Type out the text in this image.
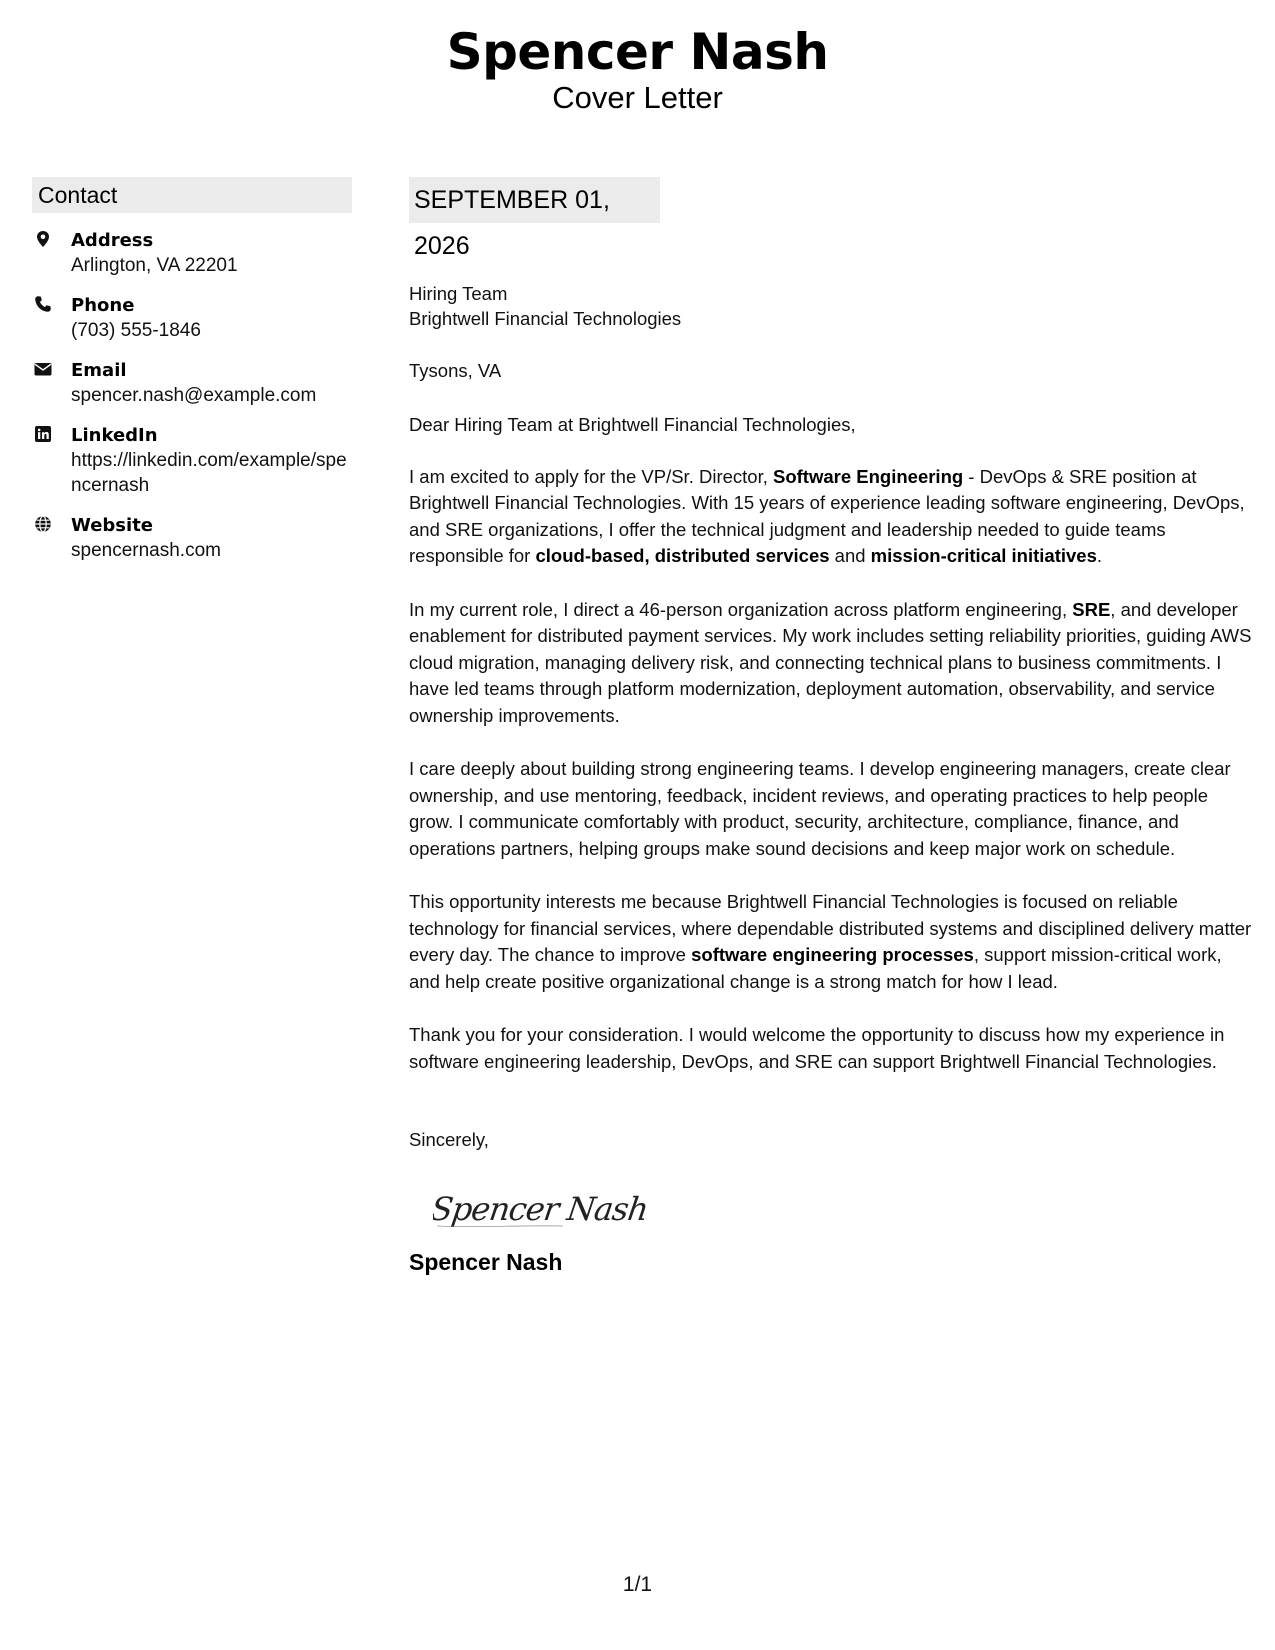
Spencer Nash
Cover Letter
Contact
Address
Arlington, VA 22201
Phone
(703) 555-1846
Email
spencer.nash@example.com
LinkedIn
https://linkedin.com/example/spencernash
Website
spencernash.com
SEPTEMBER 01, 2026
Hiring Team
Brightwell Financial Technologies
Tysons, VA
Dear Hiring Team at Brightwell Financial Technologies,
I am excited to apply for the VP/Sr. Director, Software Engineering - DevOps & SRE position at Brightwell Financial Technologies. With 15 years of experience leading software engineering, DevOps, and SRE organizations, I offer the technical judgment and leadership needed to guide teams responsible for cloud-based, distributed services and mission-critical initiatives.
In my current role, I direct a 46-person organization across platform engineering, SRE, and developer enablement for distributed payment services. My work includes setting reliability priorities, guiding AWS cloud migration, managing delivery risk, and connecting technical plans to business commitments. I have led teams through platform modernization, deployment automation, observability, and service ownership improvements.
I care deeply about building strong engineering teams. I develop engineering managers, create clear ownership, and use mentoring, feedback, incident reviews, and operating practices to help people grow. I communicate comfortably with product, security, architecture, compliance, finance, and operations partners, helping groups make sound decisions and keep major work on schedule.
This opportunity interests me because Brightwell Financial Technologies is focused on reliable technology for financial services, where dependable distributed systems and disciplined delivery matter every day. The chance to improve software engineering processes, support mission-critical work, and help create positive organizational change is a strong match for how I lead.
Thank you for your consideration. I would welcome the opportunity to discuss how my experience in software engineering leadership, DevOps, and SRE can support Brightwell Financial Technologies.
Sincerely,
Spencer Nash
Spencer Nash
1/1
